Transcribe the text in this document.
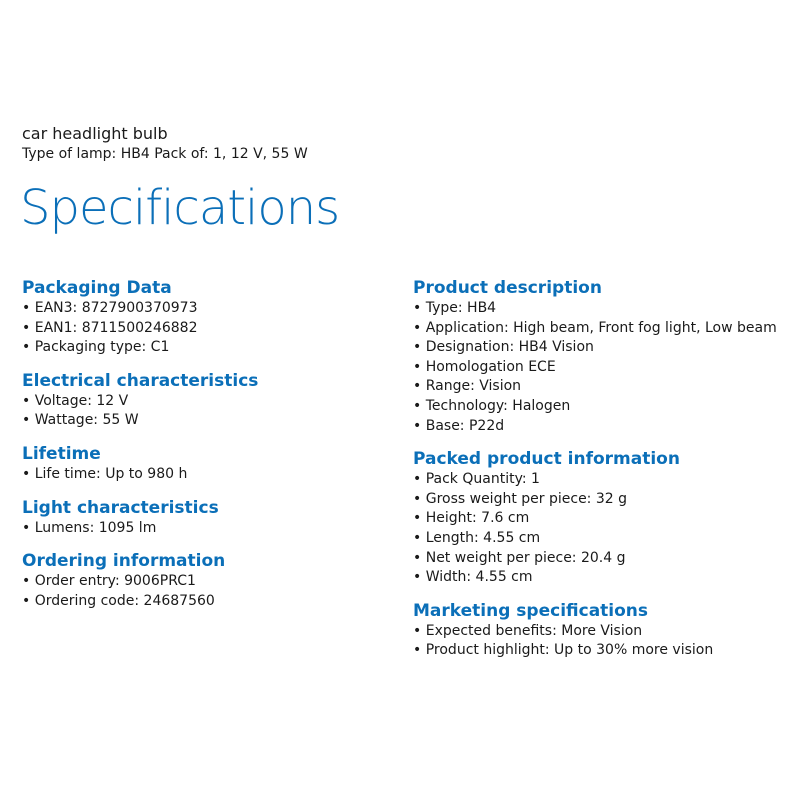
car headlight bulb
Type of lamp: HB4 Pack of: 1, 12 V, 55 W
Specifications
Packaging Data
• EAN3: 8727900370973
• EAN1: 8711500246882
• Packaging type: C1
Electrical characteristics
• Voltage: 12 V
• Wattage: 55 W
Lifetime
• Life time: Up to 980 h
Light characteristics
• Lumens: 1095 lm
Ordering information
• Order entry: 9006PRC1
• Ordering code: 24687560
Product description
• Type: HB4
• Application: High beam, Front fog light, Low beam
• Designation: HB4 Vision
• Homologation ECE
• Range: Vision
• Technology: Halogen
• Base: P22d
Packed product information
• Pack Quantity: 1
• Gross weight per piece: 32 g
• Height: 7.6 cm
• Length: 4.55 cm
• Net weight per piece: 20.4 g
• Width: 4.55 cm
Marketing specifications
• Expected benefits: More Vision
• Product highlight: Up to 30% more vision
